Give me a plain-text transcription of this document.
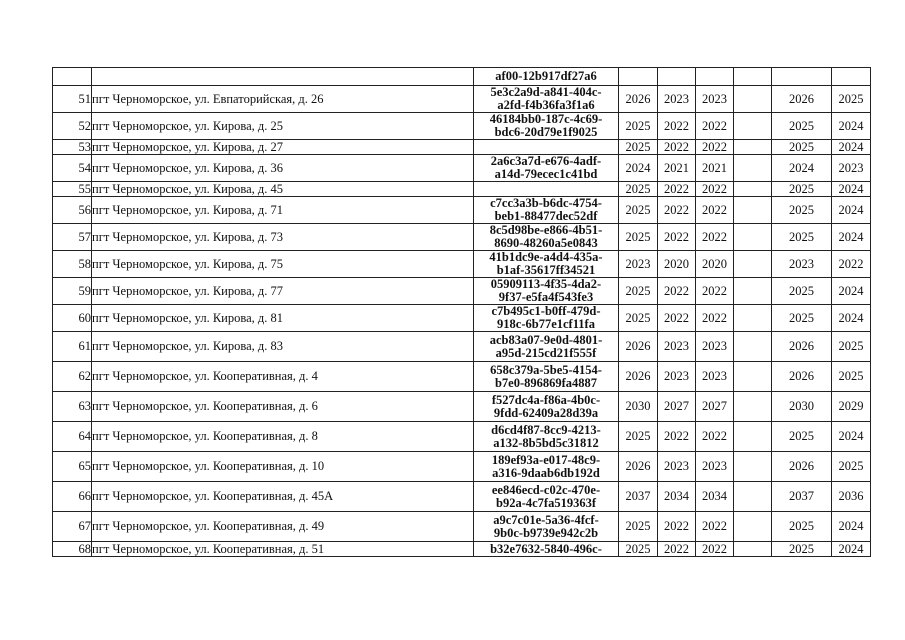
		af00-12b917df27a6						

51	пгт Черноморское, ул. Евпаторийская, д. 26	5e3c2a9d-a841-404c-
a2fd-f4b36fa3f1a6	2026	2023	2023		2026	2025
52	пгт Черноморское, ул. Кирова, д. 25	46184bb0-187c-4c69-
bdc6-20d79e1f9025	2025	2022	2022		2025	2024
53	пгт Черноморское, ул. Кирова, д. 27		2025	2022	2022		2025	2024
54	пгт Черноморское, ул. Кирова, д. 36	2a6c3a7d-e676-4adf-
a14d-79ecec1c41bd	2024	2021	2021		2024	2023
55	пгт Черноморское, ул. Кирова, д. 45		2025	2022	2022		2025	2024
56	пгт Черноморское, ул. Кирова, д. 71	c7cc3a3b-b6dc-4754-
beb1-88477dec52df	2025	2022	2022		2025	2024
57	пгт Черноморское, ул. Кирова, д. 73	8c5d98be-e866-4b51-
8690-48260a5e0843	2025	2022	2022		2025	2024
58	пгт Черноморское, ул. Кирова, д. 75	41b1dc9e-a4d4-435a-
b1af-35617ff34521	2023	2020	2020		2023	2022
59	пгт Черноморское, ул. Кирова, д. 77	05909113-4f35-4da2-
9f37-e5fa4f543fe3	2025	2022	2022		2025	2024
60	пгт Черноморское, ул. Кирова, д. 81	c7b495c1-b0ff-479d-
918c-6b77e1cf11fa	2025	2022	2022		2025	2024
61	пгт Черноморское, ул. Кирова, д. 83	acb83a07-9e0d-4801-
a95d-215cd21f555f	2026	2023	2023		2026	2025
62	пгт Черноморское, ул. Кооперативная, д. 4	658c379a-5be5-4154-
b7e0-896869fa4887	2026	2023	2023		2026	2025
63	пгт Черноморское, ул. Кооперативная, д. 6	f527dc4a-f86a-4b0c-
9fdd-62409a28d39a	2030	2027	2027		2030	2029
64	пгт Черноморское, ул. Кооперативная, д. 8	d6cd4f87-8cc9-4213-
a132-8b5bd5c31812	2025	2022	2022		2025	2024
65	пгт Черноморское, ул. Кооперативная, д. 10	189ef93a-e017-48c9-
a316-9daab6db192d	2026	2023	2023		2026	2025
66	пгт Черноморское, ул. Кооперативная, д. 45А	ee846ecd-c02c-470e-
b92a-4c7fa519363f	2037	2034	2034		2037	2036
67	пгт Черноморское, ул. Кооперативная, д. 49	a9c7c01e-5a36-4fcf-
9b0c-b9739e942c2b	2025	2022	2022		2025	2024
68	пгт Черноморское, ул. Кооперативная, д. 51	b32e7632-5840-496c-	2025	2022	2022		2025	2024
